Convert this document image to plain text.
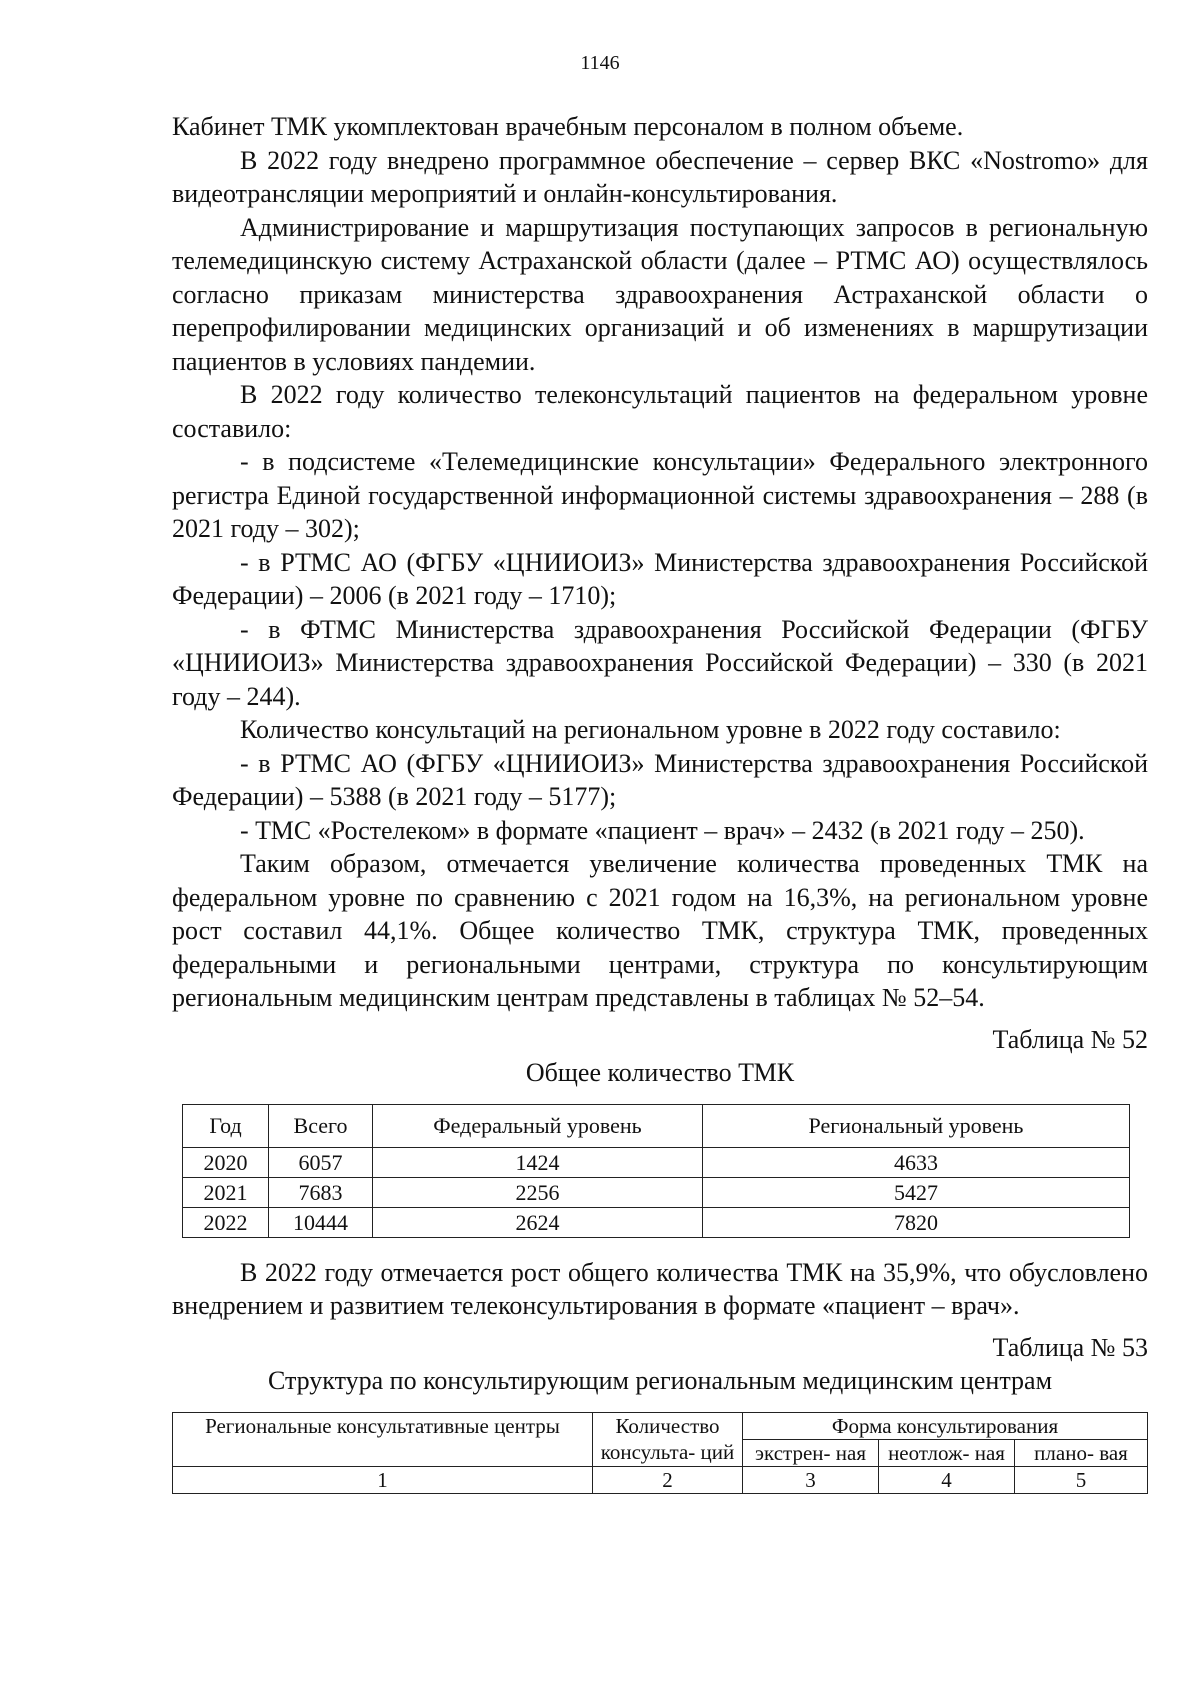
1146

Кабинет ТМК укомплектован врачебным персоналом в полном объеме.

В 2022 году внедрено программное обеспечение – сервер ВКС «Nostromo» для видеотрансляции мероприятий и онлайн-консультирования.

Администрирование и маршрутизация поступающих запросов в региональную телемедицинскую систему Астраханской области (далее – РТМС АО) осуществлялось согласно приказам министерства здравоохранения Астраханской области о перепрофилировании медицинских организаций и об изменениях в маршрутизации пациентов в условиях пандемии.

В 2022 году количество телеконсультаций пациентов на федеральном уровне составило:

- в подсистеме «Телемедицинские консультации» Федерального электронного регистра Единой государственной информационной системы здравоохранения – 288 (в 2021 году – 302);

- в РТМС АО (ФГБУ «ЦНИИОИЗ» Министерства здравоохранения Российской Федерации) – 2006 (в 2021 году – 1710);

- в ФТМС Министерства здравоохранения Российской Федерации (ФГБУ «ЦНИИОИЗ» Министерства здравоохранения Российской Федерации) – 330 (в 2021 году – 244).

Количество консультаций на региональном уровне в 2022 году составило:

- в РТМС АО (ФГБУ «ЦНИИОИЗ» Министерства здравоохранения Российской Федерации) – 5388 (в 2021 году – 5177);

- ТМС «Ростелеком» в формате «пациент – врач» – 2432 (в 2021 году – 250).

Таким образом, отмечается увеличение количества проведенных ТМК на федеральном уровне по сравнению с 2021 годом на 16,3%, на региональном уровне рост составил 44,1%. Общее количество ТМК, структура ТМК, проведенных федеральными и региональными центрами, структура по консультирующим региональным медицинским центрам представлены в таблицах № 52–54.

Таблица № 52

Общее количество ТМК

Год	Всего	Федеральный уровень	Региональный уровень
2020	6057	1424	4633
2021	7683	2256	5427
2022	10444	2624	7820

В 2022 году отмечается рост общего количества ТМК на 35,9%, что обусловлено внедрением и развитием телеконсультирования в формате «пациент – врач».

Таблица № 53

Структура по консультирующим региональным медицинским центрам

Региональные консультативные центры	Количество консульта- ций	Форма консультирования		
		экстрен- ная	неотлож- ная	плано- вая
1	2	3	4	5
